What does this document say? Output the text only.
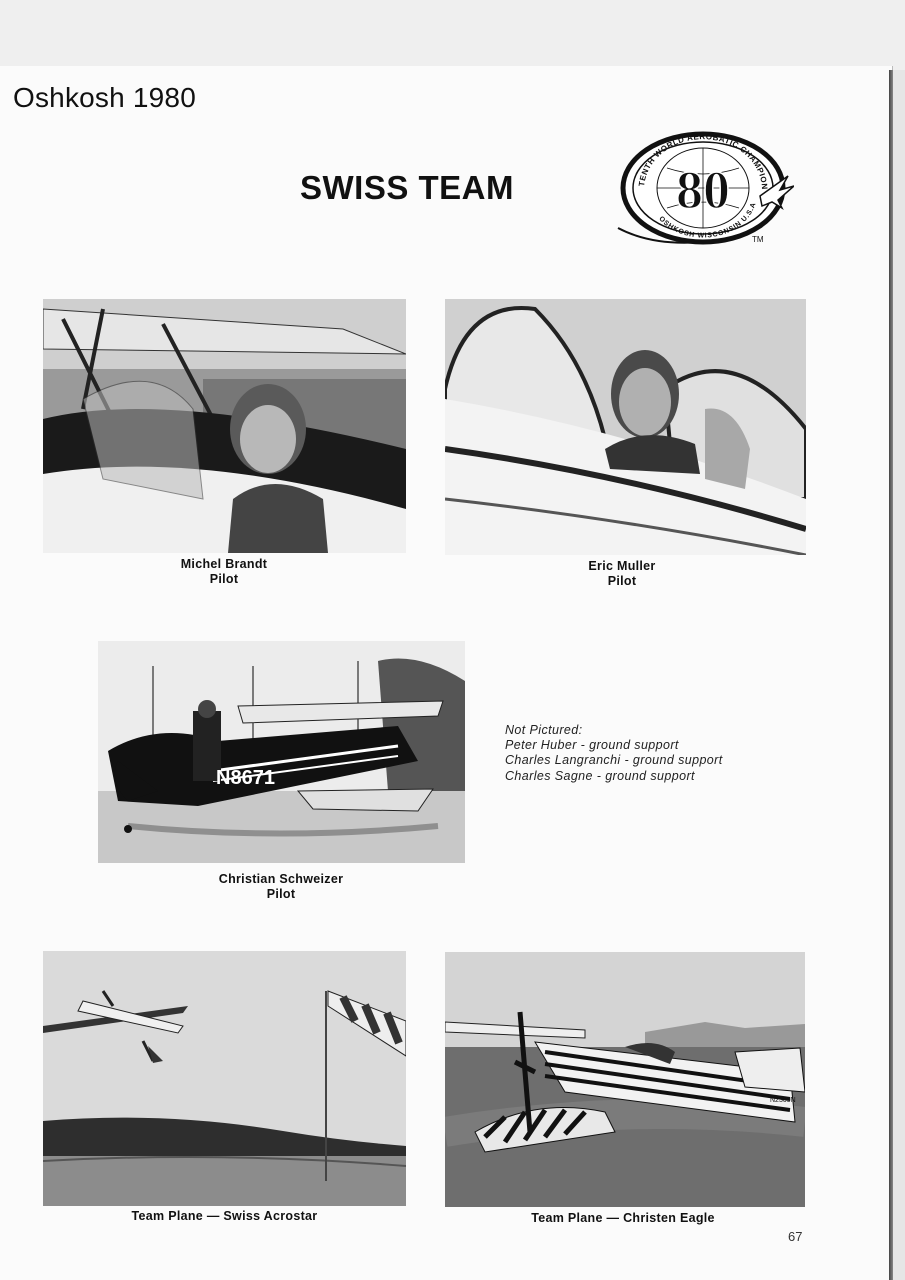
Oshkosh 1980
SWISS TEAM	TENTH WORLD AEROBATIC CHAMPION
OSHKOSH WISCONSIN U.S.A
80
TM
Michel Brandt
Pilot
Eric Muller
Pilot
N8671
Christian Schweizer
Pilot
Not Pictured:
Peter Huber - ground support
Charles Langranchi - ground support
Charles Sagne - ground support
Team Plane — Swiss Acrostar
N2309N
Team Plane — Christen Eagle
67
